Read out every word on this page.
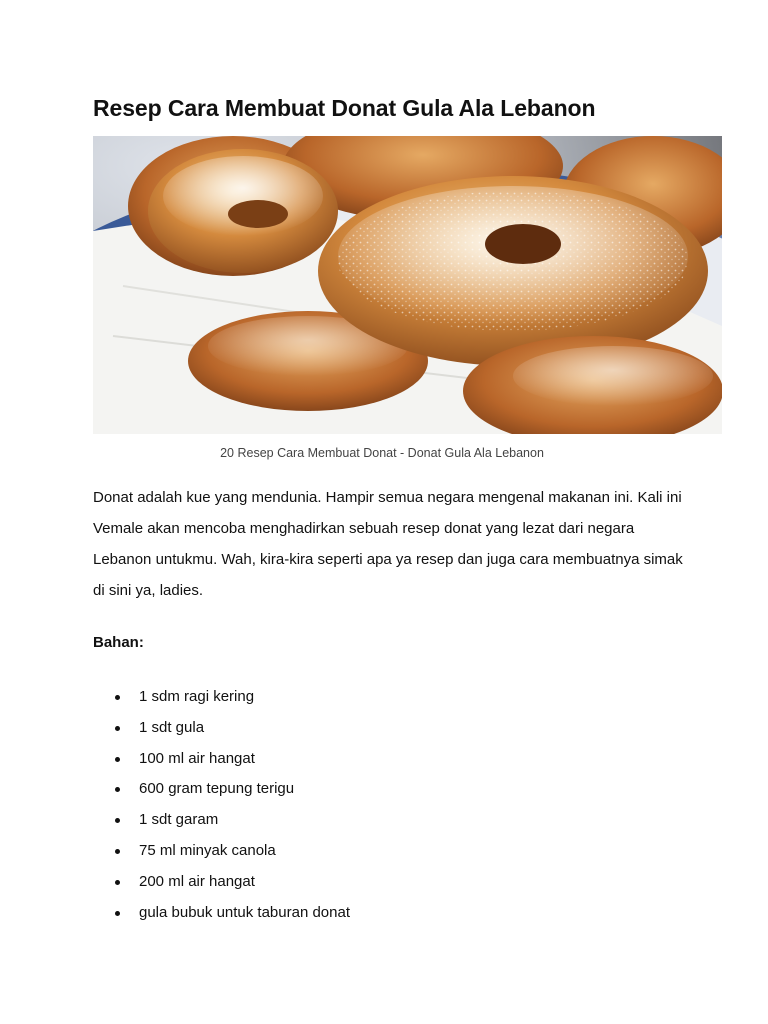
Resep Cara Membuat Donat Gula Ala Lebanon
20 Resep Cara Membuat Donat - Donat Gula Ala Lebanon

Donat adalah kue yang mendunia. Hampir semua negara mengenal makanan ini. Kali ini Vemale akan mencoba menghadirkan sebuah resep donat yang lezat dari negara Lebanon untukmu. Wah, kira-kira seperti apa ya resep dan juga cara membuatnya simak di sini ya, ladies.

Bahan:
1 sdm ragi kering
1 sdt gula
100 ml air hangat
600 gram tepung terigu
1 sdt garam
75 ml minyak canola
200 ml air hangat
gula bubuk untuk taburan donat
